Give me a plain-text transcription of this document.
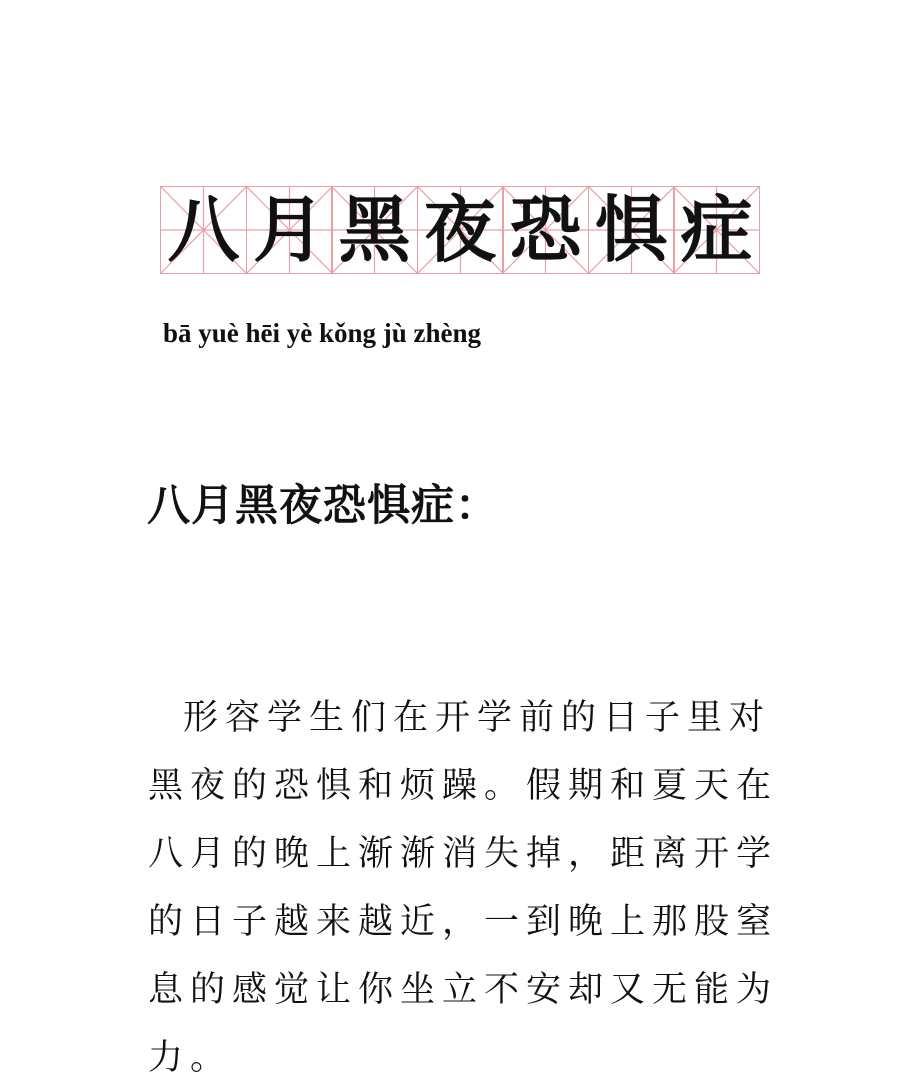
八 月 黑 夜 恐 惧 症
bā yuè hēi yè kǒng jù zhèng
八月黑夜恐惧症：

形容学生们在开学前的日子里对黑夜的恐惧和烦躁。假期和夏天在八月的晚上渐渐消失掉，距离开学的日子越来越近，一到晚上那股窒息的感觉让你坐立不安却又无能为力。
